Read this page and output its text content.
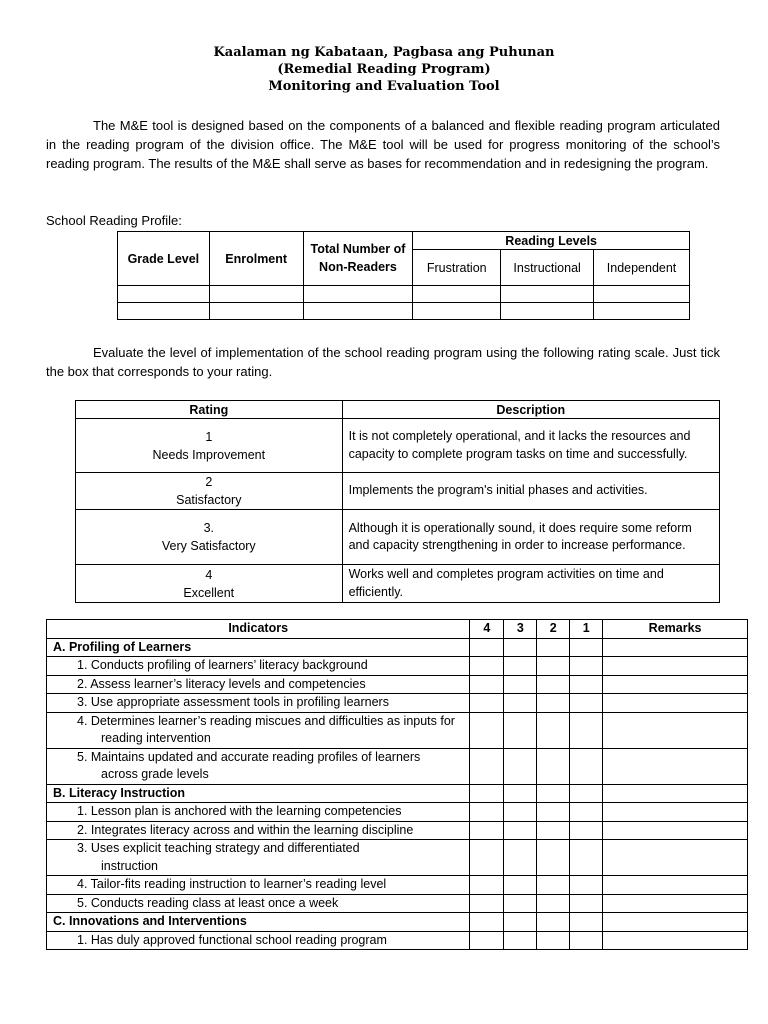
Kaalaman ng Kabataan, Pagbasa ang Puhunan
(Remedial Reading Program)
Monitoring and Evaluation Tool
The M&E tool is designed based on the components of a balanced and flexible reading program articulated in the reading program of the division office. The M&E tool will be used for progress monitoring of the school’s reading program. The results of the M&E shall serve as bases for recommendation and in redesigning the program.
School Reading Profile:
Grade Level	Enrolment	Total Number of Non-Readers	Reading Levels		
			Frustration	Instructional	Independent

Evaluate the level of implementation of the school reading program using the following rating scale. Just tick the box that corresponds to your rating.
Rating	Description

1
Needs Improvement	It is not completely operational, and it lacks the resources and capacity to complete program tasks on time and successfully.

2
Satisfactory	Implements the program's initial phases and activities.

3.
Very Satisfactory	Although it is operationally sound, it does require some reform and capacity strengthening in order to increase performance.

4
Excellent	Works well and completes program activities on time and efficiently.
Indicators	4	3	2	1	Remarks
A. Profiling of Learners					
1. Conducts profiling of learners’ literacy background					
2. Assess learner’s literacy levels and competencies					
3. Use appropriate assessment tools in profiling learners					
4. Determines learner’s reading miscues and difficulties as inputs for reading intervention					
5. Maintains updated and accurate reading profiles of learners across grade levels					
B. Literacy Instruction					
1. Lesson plan is anchored with the learning competencies					
2. Integrates literacy across and within the learning discipline					
3. Uses explicit teaching strategy and differentiated instruction					
4. Tailor-fits reading instruction to learner’s reading level					
5. Conducts reading class at least once a week					
C. Innovations and Interventions					
1. Has duly approved functional school reading program					
